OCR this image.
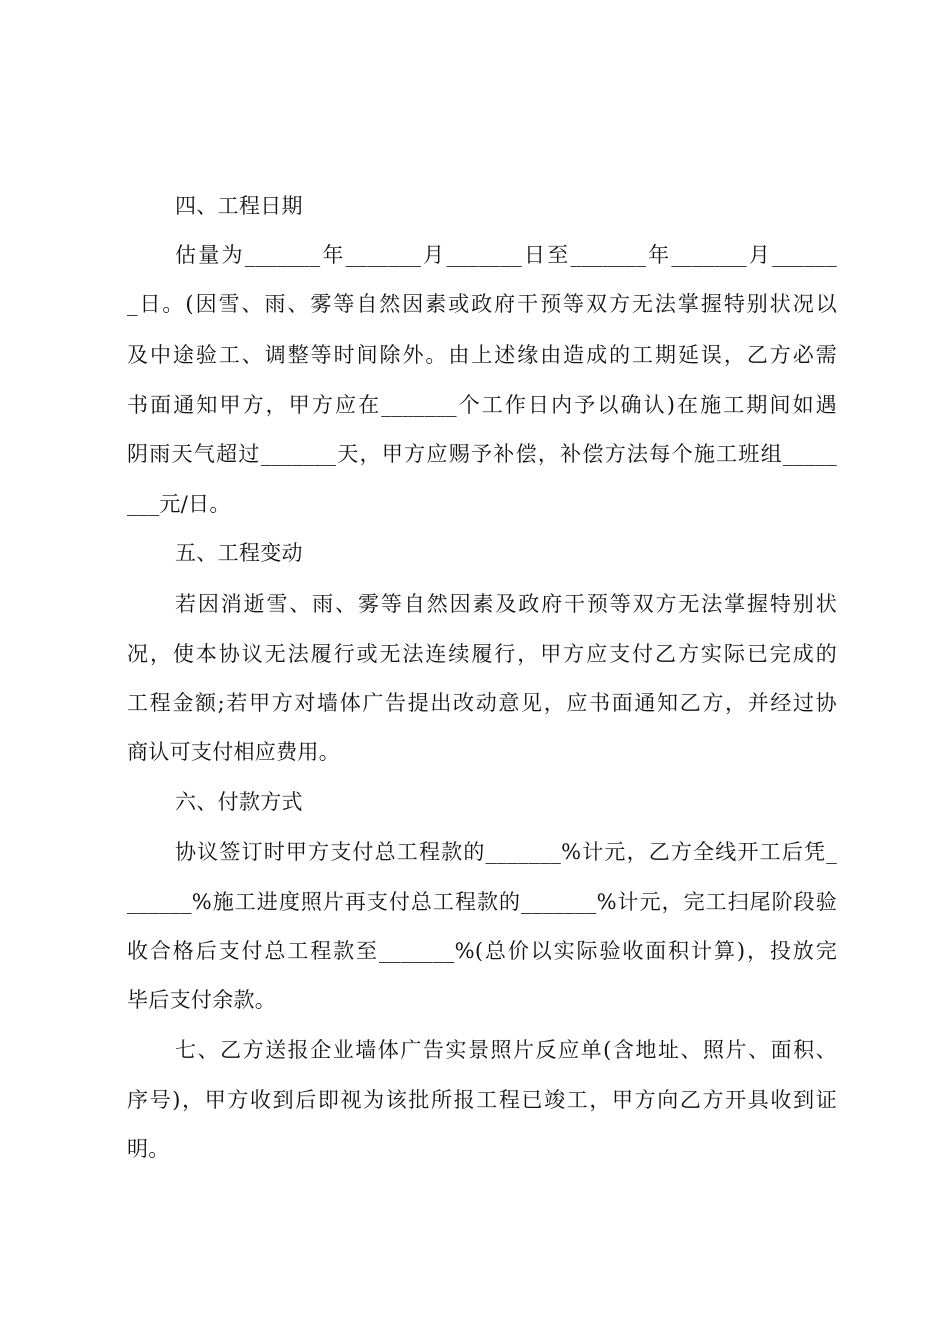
四、工程日期

估量为_______年_______月_______日至_______年_______月______

_日。(因雪、雨、雾等自然因素或政府干预等双方无法掌握特别状况以

及中途验工、调整等时间除外。由上述缘由造成的工期延误，乙方必需

书面通知甲方，甲方应在_______个工作日内予以确认)在施工期间如遇

阴雨天气超过_______天，甲方应赐予补偿，补偿方法每个施工班组_____

___元/日。

五、工程变动

若因消逝雪、雨、雾等自然因素及政府干预等双方无法掌握特别状

况，使本协议无法履行或无法连续履行，甲方应支付乙方实际已完成的

工程金额;若甲方对墙体广告提出改动意见，应书面通知乙方，并经过协

商认可支付相应费用。

六、付款方式

协议签订时甲方支付总工程款的_______%计元，乙方全线开工后凭_

______%施工进度照片再支付总工程款的_______%计元，完工扫尾阶段验

收合格后支付总工程款至_______%(总价以实际验收面积计算)，投放完

毕后支付余款。

七、乙方送报企业墙体广告实景照片反应单(含地址、照片、面积、

序号)，甲方收到后即视为该批所报工程已竣工，甲方向乙方开具收到证

明。
